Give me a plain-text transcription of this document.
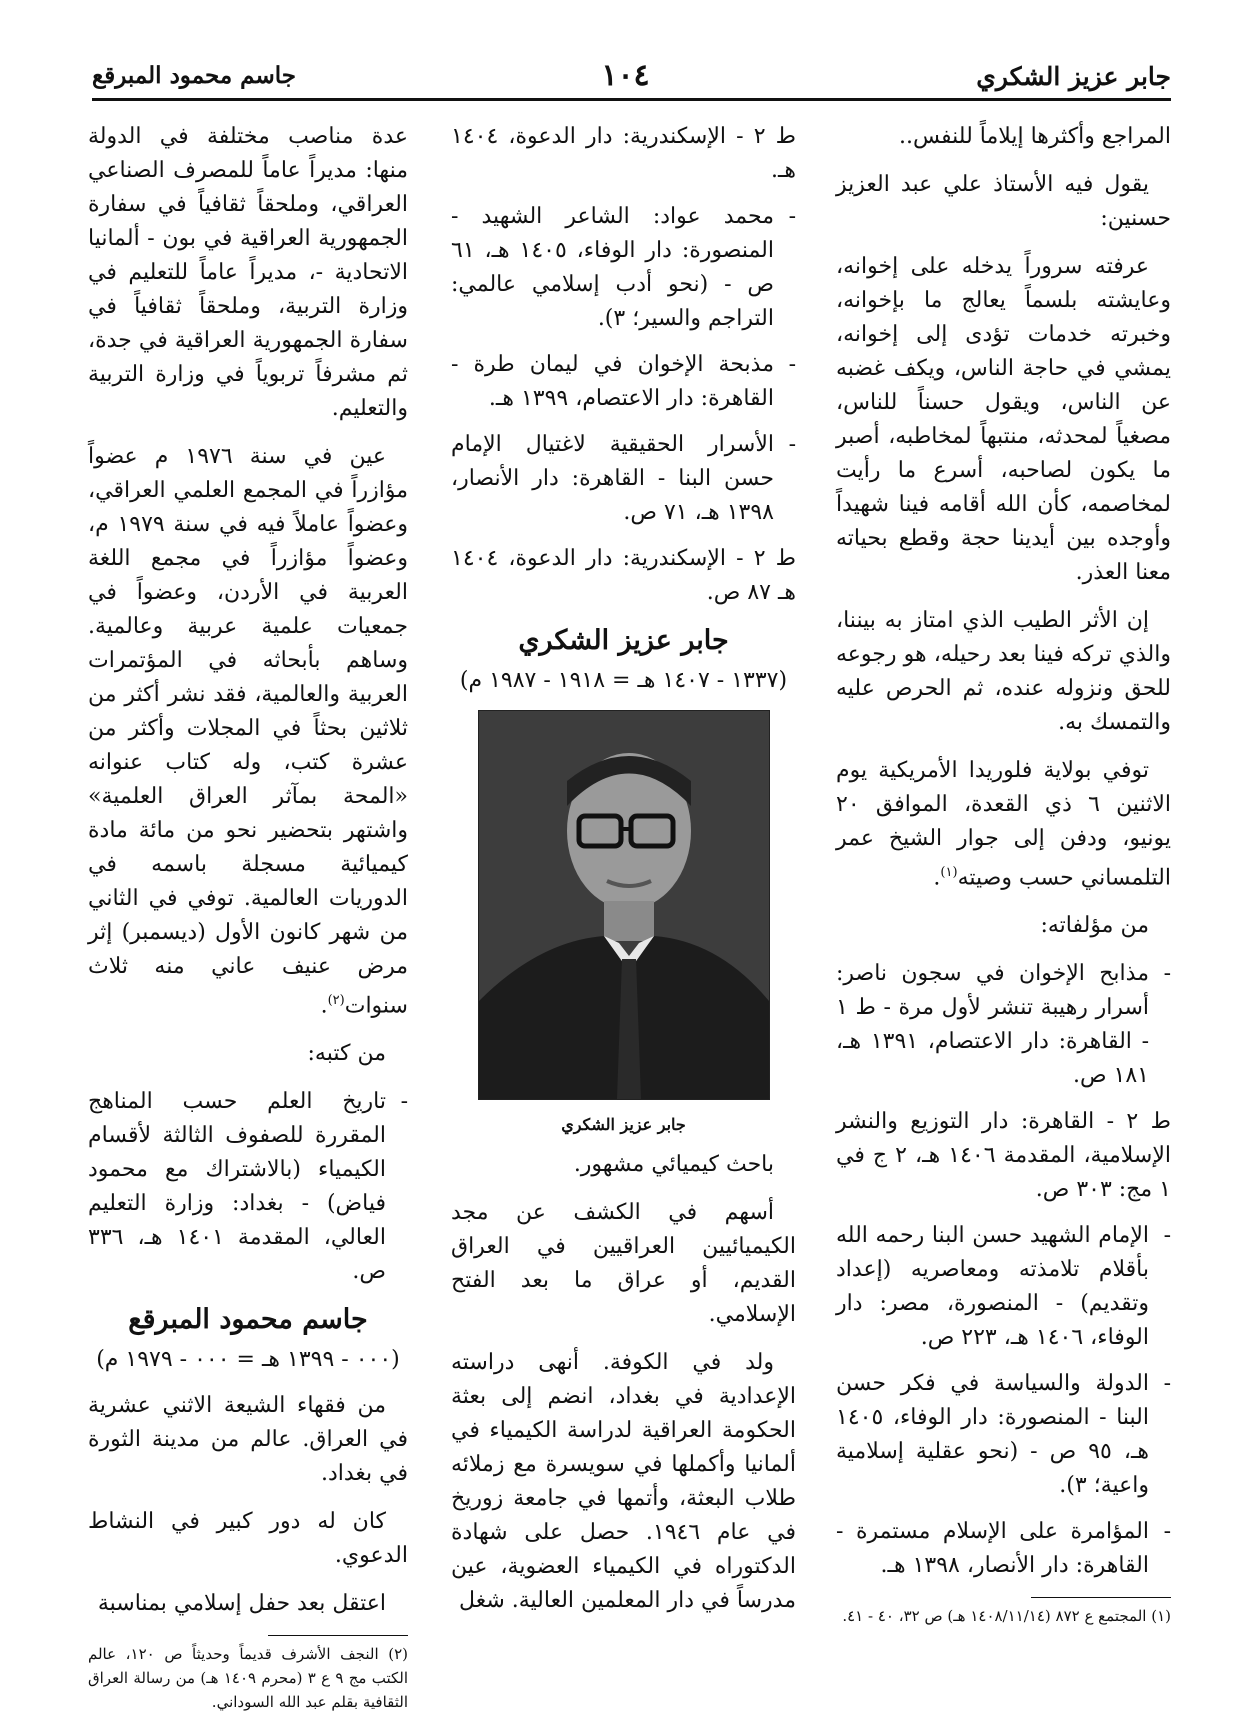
جابر عزيز الشكري
١٠٤
جاسم محمود المبرقع

المراجع وأكثرها إيلاماً للنفس..

يقول فيه الأستاذ علي عبد العزيز حسنين:

عرفته سروراً يدخله على إخوانه، وعايشته بلسماً يعالج ما بإخوانه، وخبرته خدمات تؤدى إلى إخوانه، يمشي في حاجة الناس، ويكف غضبه عن الناس، ويقول حسناً للناس، مصغياً لمحدثه، منتبهاً لمخاطبه، أصبر ما يكون لصاحبه، أسرع ما رأيت لمخاصمه، كأن الله أقامه فينا شهيداً وأوجده بين أيدينا حجة وقطع بحياته معنا العذر.

إن الأثر الطيب الذي امتاز به بيننا، والذي تركه فينا بعد رحيله، هو رجوعه للحق ونزوله عنده، ثم الحرص عليه والتمسك به.

توفي بولاية فلوريدا الأمريكية يوم الاثنين ٦ ذي القعدة، الموافق ٢٠ يونيو، ودفن إلى جوار الشيخ عمر التلمساني حسب وصيته$^{(١)}$.

من مؤلفاته:

- مذابح الإخوان في سجون ناصر: أسرار رهيبة تنشر لأول مرة - ط ١ - القاهرة: دار الاعتصام، ١٣٩١ هـ، ١٨١ ص.
ط ٢ - القاهرة: دار التوزيع والنشر الإسلامية، المقدمة ١٤٠٦ هـ، ٢ ج في ١ مج: ٣٠٣ ص.
- الإمام الشهيد حسن البنا رحمه الله بأقلام تلامذته ومعاصريه (إعداد وتقديم) - المنصورة، مصر: دار الوفاء، ١٤٠٦ هـ، ٢٢٣ ص.
- الدولة والسياسة في فكر حسن البنا - المنصورة: دار الوفاء، ١٤٠٥ هـ، ٩٥ ص - (نحو عقلية إسلامية واعية؛ ٣).
- المؤامرة على الإسلام مستمرة - القاهرة: دار الأنصار، ١٣٩٨ هـ.
(١) المجتمع ع ٨٧٢ (١٤٠٨/١١/١٤ هـ) ص ٣٢، ٤٠ - ٤١.
ط ٢ - الإسكندرية: دار الدعوة، ١٤٠٤ هـ.
- محمد عواد: الشاعر الشهيد - المنصورة: دار الوفاء، ١٤٠٥ هـ، ٦١ ص - (نحو أدب إسلامي عالمي: التراجم والسير؛ ٣).
- مذبحة الإخوان في ليمان طرة - القاهرة: دار الاعتصام، ١٣٩٩ هـ.
- الأسرار الحقيقية لاغتيال الإمام حسن البنا - القاهرة: دار الأنصار، ١٣٩٨ هـ، ٧١ ص.
ط ٢ - الإسكندرية: دار الدعوة، ١٤٠٤ هـ ٨٧ ص.
جابر عزيز الشكري
(١٣٣٧ - ١٤٠٧ هـ = ١٩١٨ - ١٩٨٧ م)
جابر عزيز الشكري

باحث كيميائي مشهور.

أسهم في الكشف عن مجد الكيميائيين العراقيين في العراق القديم، أو عراق ما بعد الفتح الإسلامي.

ولد في الكوفة. أنهى دراسته الإعدادية في بغداد، انضم إلى بعثة الحكومة العراقية لدراسة الكيمياء في ألمانيا وأكملها في سويسرة مع زملائه طلاب البعثة، وأتمها في جامعة زوريخ في عام ١٩٤٦. حصل على شهادة الدكتوراه في الكيمياء العضوية، عين مدرساً في دار المعلمين العالية. شغل

عدة مناصب مختلفة في الدولة منها: مديراً عاماً للمصرف الصناعي العراقي، وملحقاً ثقافياً في سفارة الجمهورية العراقية في بون - ألمانيا الاتحادية -، مديراً عاماً للتعليم في وزارة التربية، وملحقاً ثقافياً في سفارة الجمهورية العراقية في جدة، ثم مشرفاً تربوياً في وزارة التربية والتعليم.

عين في سنة ١٩٧٦ م عضواً مؤازراً في المجمع العلمي العراقي، وعضواً عاملاً فيه في سنة ١٩٧٩ م، وعضواً مؤازراً في مجمع اللغة العربية في الأردن، وعضواً في جمعيات علمية عربية وعالمية. وساهم بأبحاثه في المؤتمرات العربية والعالمية، فقد نشر أكثر من ثلاثين بحثاً في المجلات وأكثر من عشرة كتب، وله كتاب عنوانه «المحة بمآثر العراق العلمية» واشتهر بتحضير نحو من مائة مادة كيميائية مسجلة باسمه في الدوريات العالمية. توفي في الثاني من شهر كانون الأول (ديسمبر) إثر مرض عنيف عاني منه ثلاث سنوات$^{(٢)}$.

من كتبه:

- تاريخ العلم حسب المناهج المقررة للصفوف الثالثة لأقسام الكيمياء (بالاشتراك مع محمود فياض) - بغداد: وزارة التعليم العالي، المقدمة ١٤٠١ هـ، ٣٣٦ ص.
جاسم محمود المبرقع
(٠٠٠ - ١٣٩٩ هـ = ٠٠٠ - ١٩٧٩ م)

من فقهاء الشيعة الاثني عشرية في العراق. عالم من مدينة الثورة في بغداد.

كان له دور كبير في النشاط الدعوي.

اعتقل بعد حفل إسلامي بمناسبة

(٢) النجف الأشرف قديماً وحديثاً ص ١٢٠، عالم الكتب مج ٩ ع ٣ (محرم ١٤٠٩ هـ) من رسالة العراق الثقافية بقلم عبد الله السوداني.
